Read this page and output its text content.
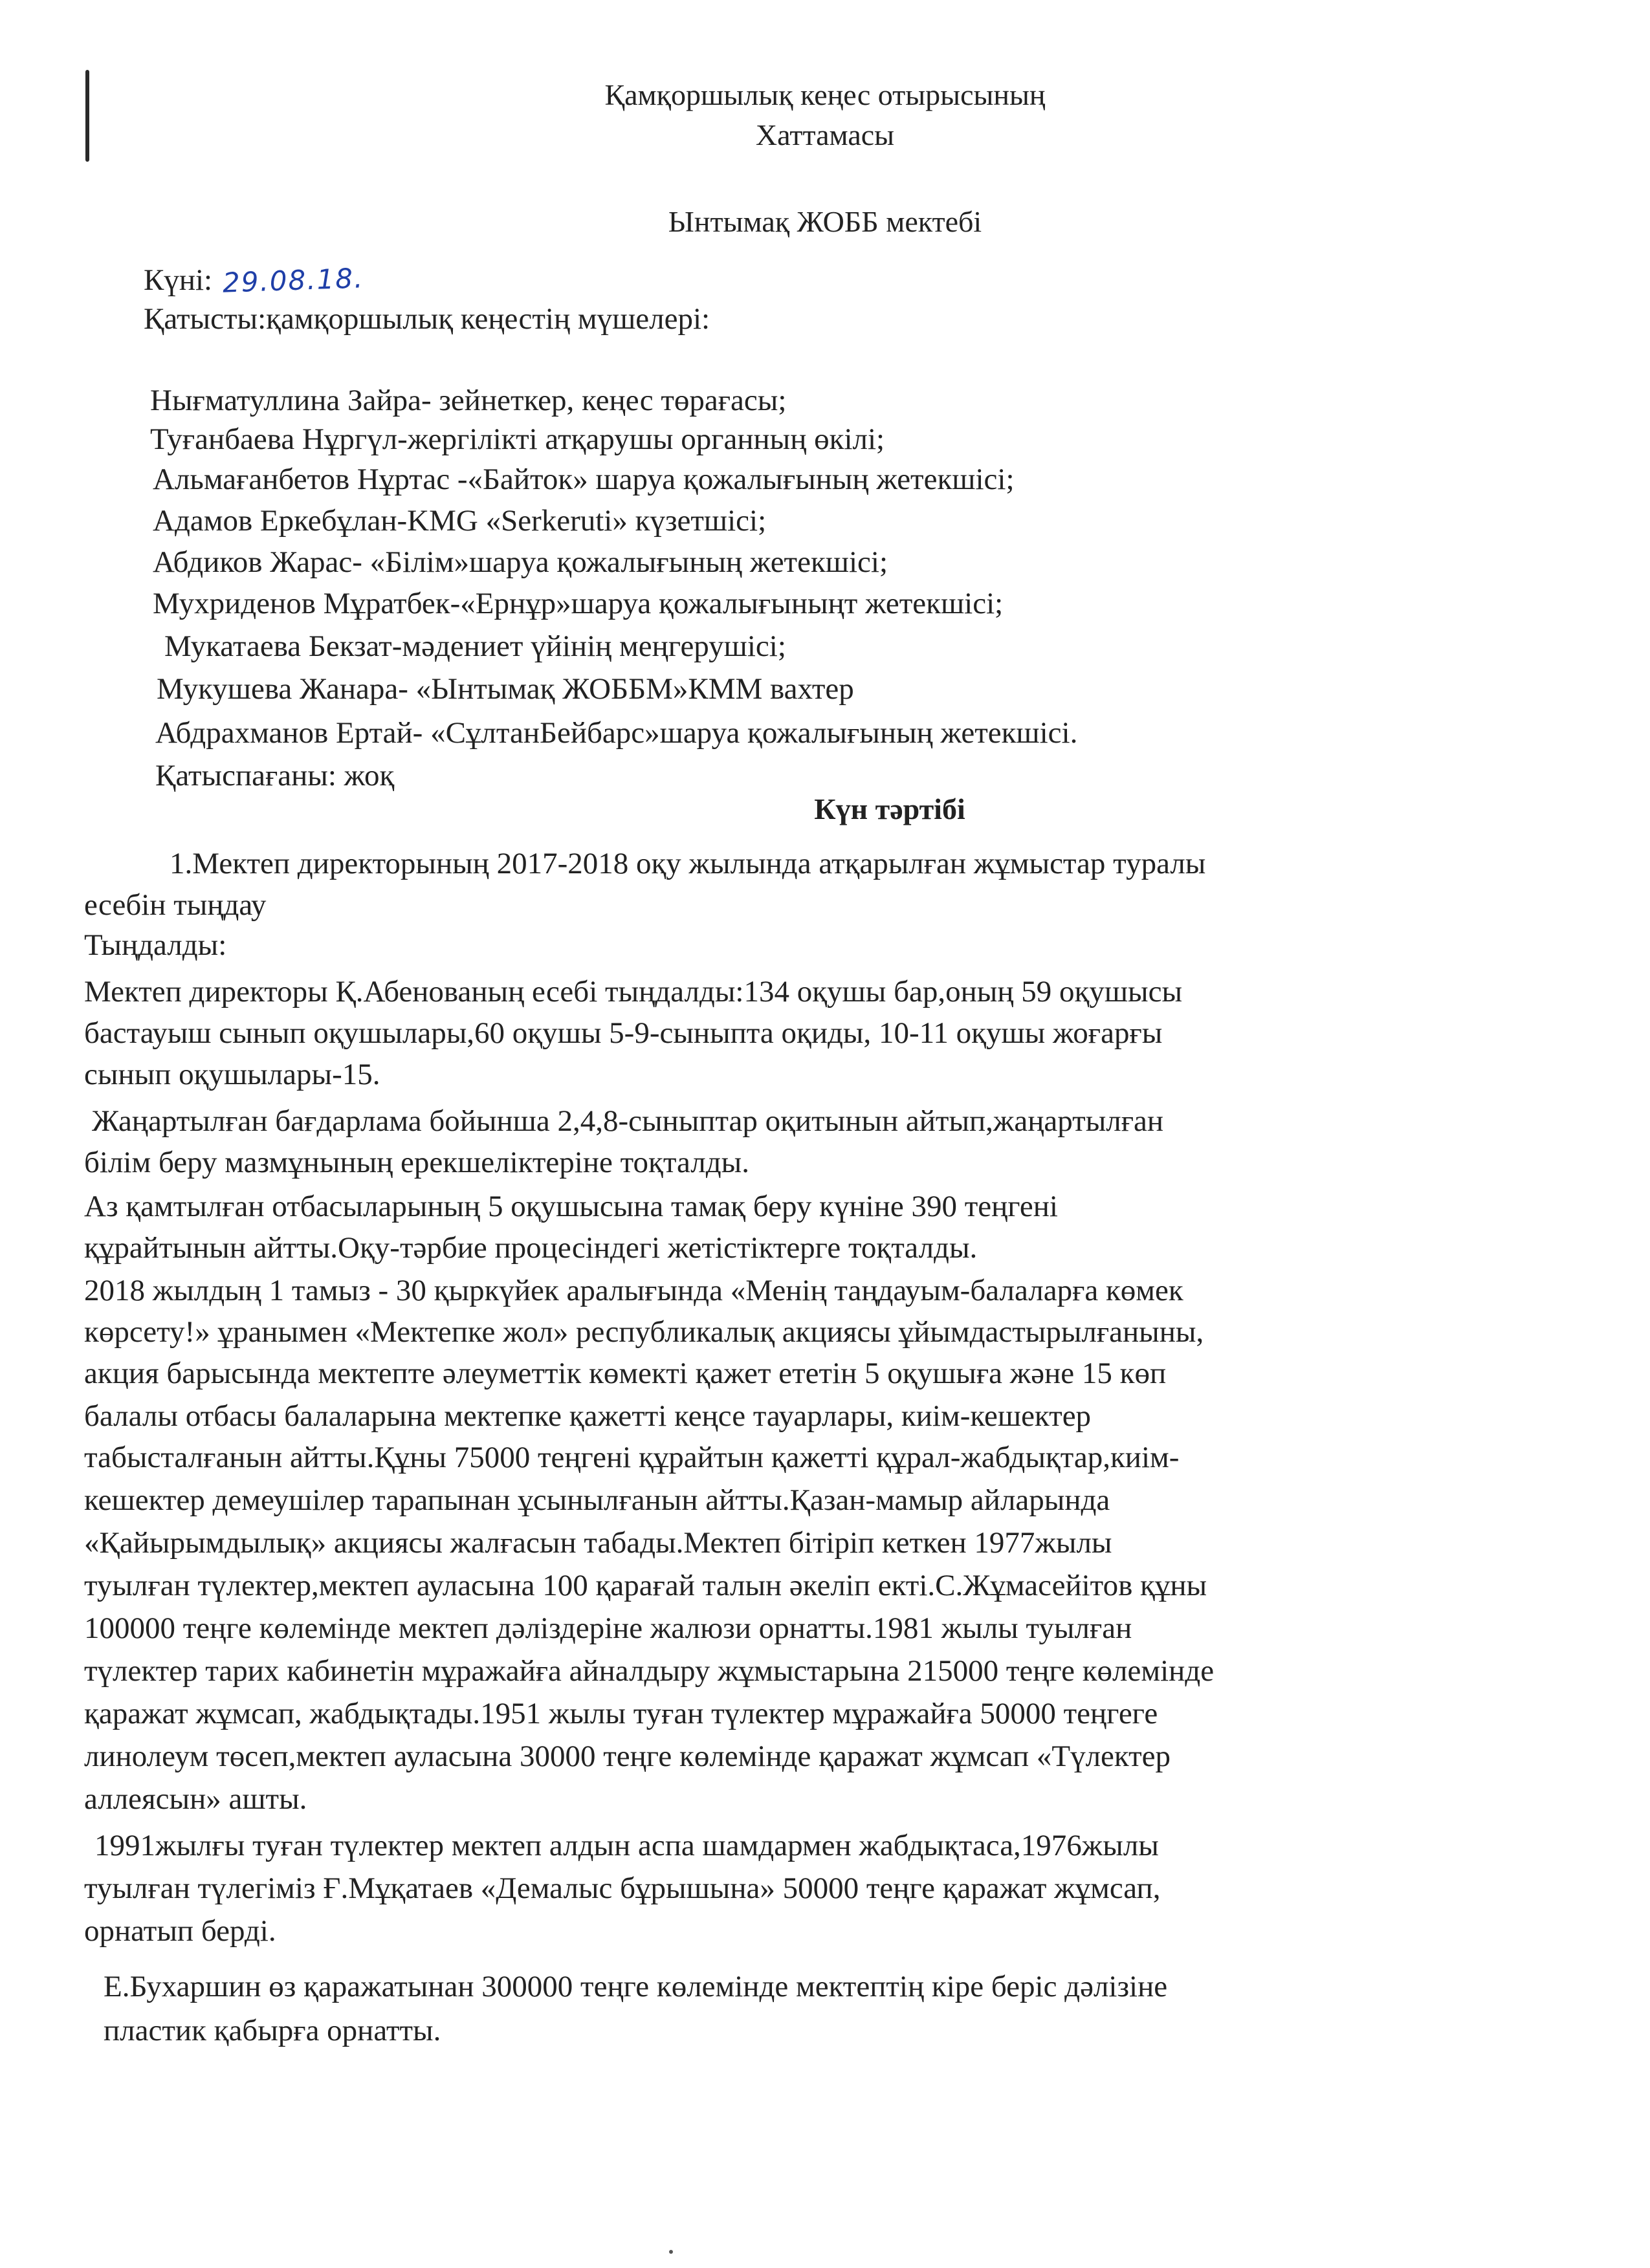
Қамқоршылық кеңес отырысының
Хаттамасы
Ынтымақ ЖОББ мектебі
Күні: 29.08.18.
Қатысты:қамқоршылық кеңестің мүшелері:
Нығматуллина Зайра- зейнеткер, кеңес төрағасы;
Туғанбаева Нұргүл-жергілікті атқарушы органның өкілі;
Альмағанбетов Нұртас -«Байток» шаруа қожалығының жетекшісі;
Адамов Еркебұлан-KMG «Serkeruti» күзетшісі;
Абдиков Жарас- «Білім»шаруа қожалығының жетекшісі;
Мухриденов Мұратбек-«Ернұр»шаруа қожалығыныңт жетекшісі;
Мукатаева Бекзат-мәдениет үйінің меңгерушісі;
Мукушева Жанара- «Ынтымақ ЖОББМ»КММ вахтер
Абдрахманов Ертай- «СұлтанБейбарс»шаруа қожалығының жетекшісі.
Қатыспағаны: жоқ
Күн тәртібі
1.Мектеп директорының 2017-2018 оқу жылында атқарылған жұмыстар туралы
есебін тыңдау
Тыңдалды:
Мектеп директоры Қ.Абенованың есебі тыңдалды:134 оқушы бар,оның 59 оқушысы
бастауыш сынып оқушылары,60 оқушы 5-9-сыныпта оқиды, 10-11 оқушы жоғарғы
сынып оқушылары-15.
Жаңартылған бағдарлама бойынша 2,4,8-сыныптар оқитынын айтып,жаңартылған
білім беру мазмұнының ерекшеліктеріне тоқталды.
Аз қамтылған отбасыларының 5 оқушысына тамақ беру күніне 390 теңгені
құрайтынын айтты.Оқу-тәрбие процесіндегі жетістіктерге тоқталды.
2018 жылдың 1 тамыз - 30 қыркүйек аралығында «Менің таңдауым-балаларға көмек
көрсету!» ұранымен «Мектепке жол» республикалық акциясы ұйымдастырылғаныны,
акция барысында мектепте әлеуметтік көмекті қажет ететін 5 оқушыға және 15 көп
балалы отбасы балаларына мектепке қажетті кеңсе тауарлары, киім-кешектер
табысталғанын айтты.Құны 75000 теңгені құрайтын қажетті құрал-жабдықтар,киім-
кешектер демеушілер тарапынан ұсынылғанын айтты.Қазан-мамыр айларында
«Қайырымдылық» акциясы жалғасын табады.Мектеп бітіріп кеткен 1977жылы
туылған түлектер,мектеп ауласына 100 қарағай талын әкеліп екті.С.Жұмасейітов құны
100000 теңге көлемінде мектеп дәліздеріне жалюзи орнатты.1981 жылы туылған
түлектер тарих кабинетін мұражайға айналдыру жұмыстарына 215000 теңге көлемінде
қаражат жұмсап, жабдықтады.1951 жылы туған түлектер мұражайға 50000 теңгеге
линолеум төсеп,мектеп ауласына 30000 теңге көлемінде қаражат жұмсап «Түлектер
аллеясын» ашты.
1991жылғы туған түлектер мектеп алдын аспа шамдармен жабдықтаса,1976жылы
туылған түлегіміз Ғ.Мұқатаев «Демалыс бұрышына» 50000 теңге қаражат жұмсап,
орнатып берді.
Е.Бухаршин өз қаражатынан 300000 теңге көлемінде мектептің кіре беріс дәлізіне
пластик қабырға орнатты.
